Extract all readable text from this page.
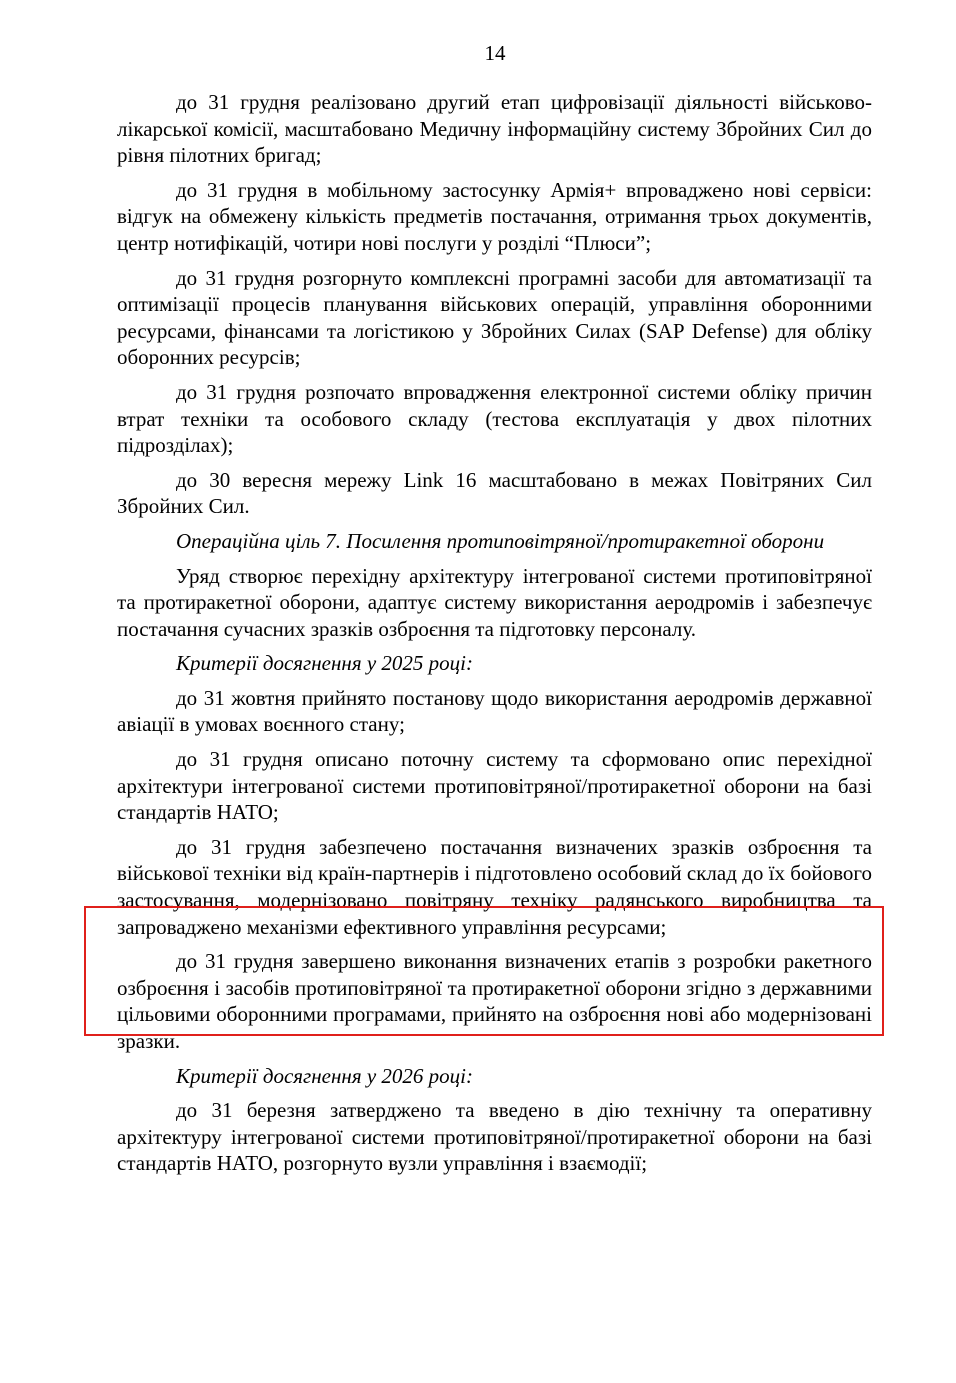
14

до 31 грудня реалізовано другий етап цифровізації діяльності військово-лікарської комісії, масштабовано Медичну інформаційну систему Збройних Сил до рівня пілотних бригад;

до 31 грудня в мобільному застосунку Армія+ впроваджено нові сервіси: відгук на обмежену кількість предметів постачання, отримання трьох документів, центр нотифікацій, чотири нові послуги у розділі “Плюси”;

до 31 грудня розгорнуто комплексні програмні засоби для автоматизації та оптимізації процесів планування військових операцій, управління оборонними ресурсами, фінансами та логістикою у Збройних Силах (SAP Defense) для обліку оборонних ресурсів;

до 31 грудня розпочато впровадження електронної системи обліку причин втрат техніки та особового складу (тестова експлуатація у двох пілотних підрозділах);

до 30 вересня мережу Link 16 масштабовано в межах Повітряних Сил Збройних Сил.

Операційна ціль 7. Посилення протиповітряної/протиракетної оборони

Уряд створює перехідну архітектуру інтегрованої системи протиповітряної та протиракетної оборони, адаптує систему використання аеродромів і забезпечує постачання сучасних зразків озброєння та підготовку персоналу.

Критерії досягнення у 2025 році:

до 31 жовтня прийнято постанову щодо використання аеродромів державної авіації в умовах воєнного стану;

до 31 грудня описано поточну систему та сформовано опис перехідної архітектури інтегрованої системи протиповітряної/протиракетної оборони на базі стандартів НАТО;

до 31 грудня забезпечено постачання визначених зразків озброєння та військової техніки від країн-партнерів і підготовлено особовий склад до їх бойового застосування, модернізовано повітряну техніку радянського виробництва та запроваджено механізми ефективного управління ресурсами;

до 31 грудня завершено виконання визначених етапів з розробки ракетного озброєння і засобів протиповітряної та протиракетної оборони згідно з державними цільовими оборонними програмами, прийнято на озброєння нові або модернізовані зразки.

Критерії досягнення у 2026 році:

до 31 березня затверджено та введено в дію технічну та оперативну архітектуру інтегрованої системи протиповітряної/протиракетної оборони на базі стандартів НАТО, розгорнуто вузли управління і взаємодії;
